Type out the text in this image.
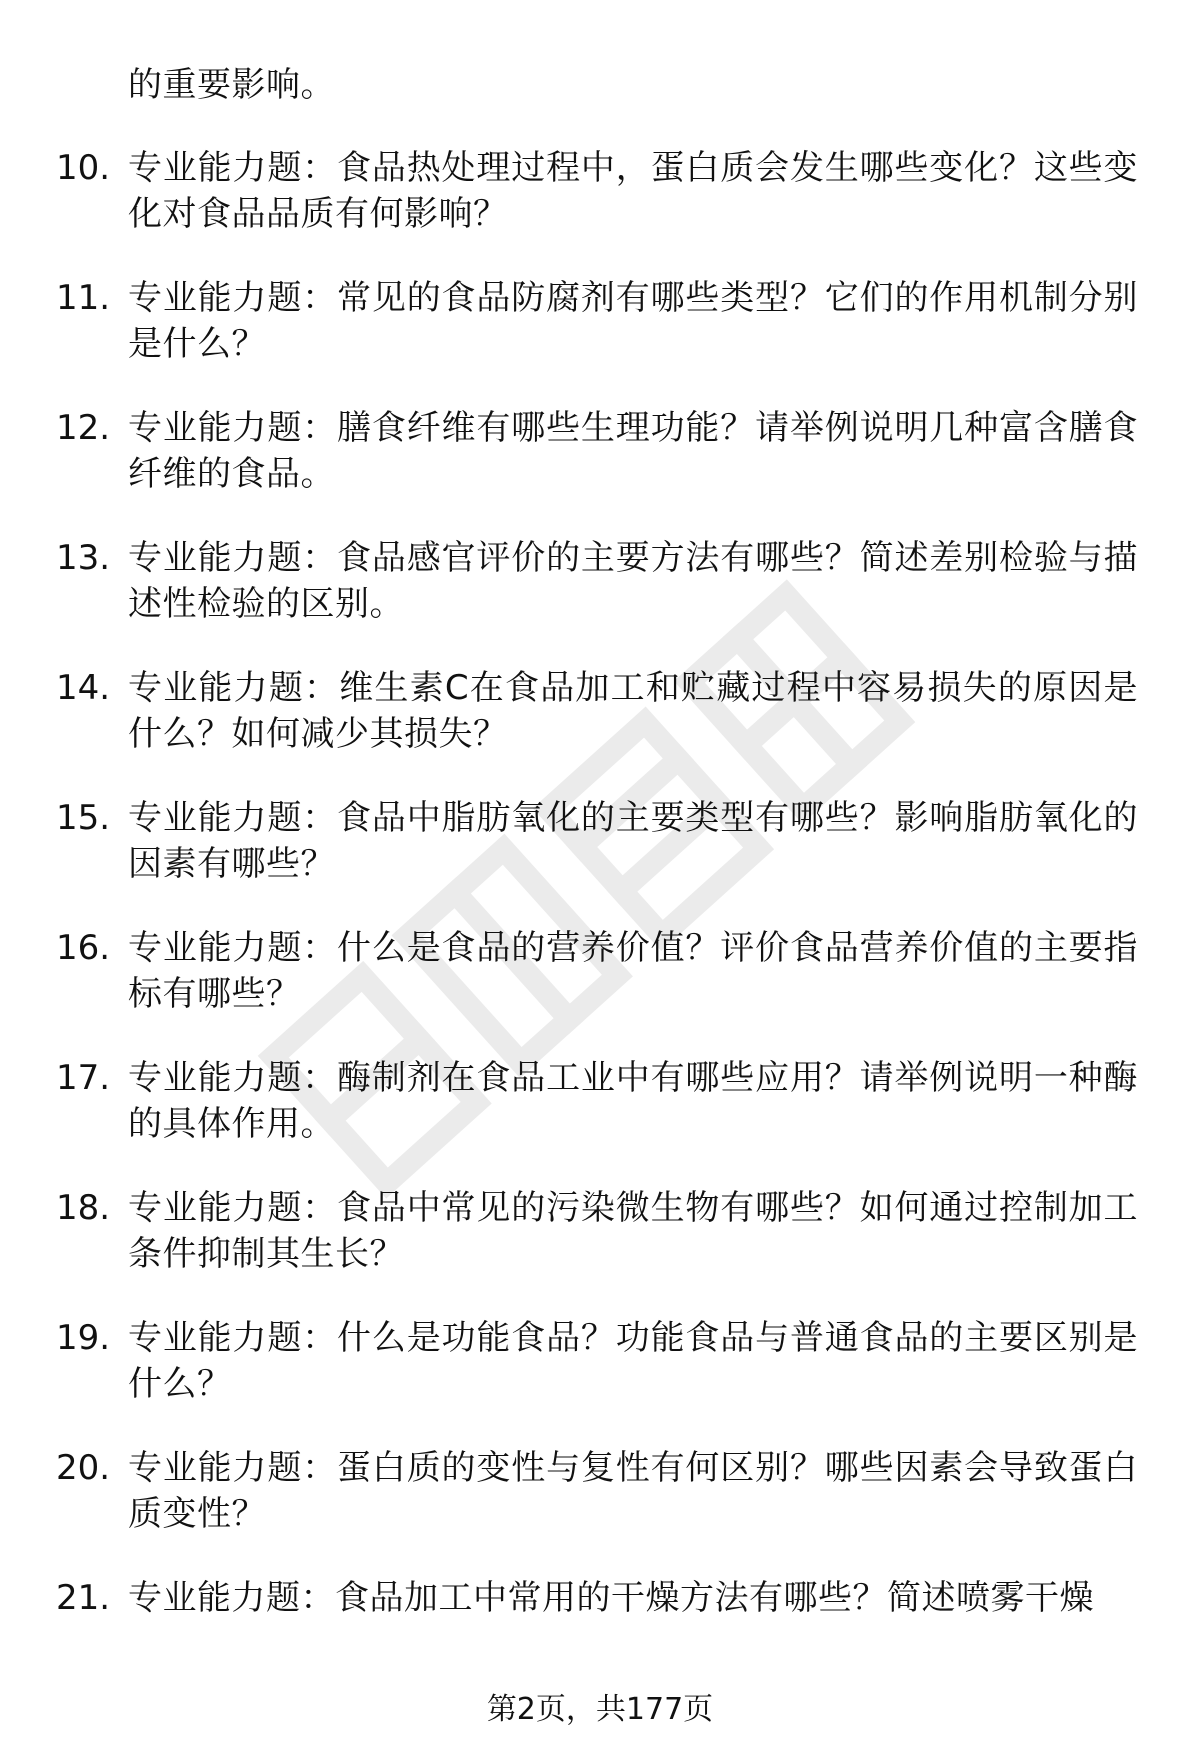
的重要影响。
10. 专业能力题：食品热处理过程中，蛋白质会发生哪些变化？这些变化对食品品质有何影响？
11. 专业能力题：常见的食品防腐剂有哪些类型？它们的作用机制分别是什么？
12. 专业能力题：膳食纤维有哪些生理功能？请举例说明几种富含膳食纤维的食品。
13. 专业能力题：食品感官评价的主要方法有哪些？简述差别检验与描述性检验的区别。
14. 专业能力题：维生素C在食品加工和贮藏过程中容易损失的原因是什么？如何减少其损失？
15. 专业能力题：食品中脂肪氧化的主要类型有哪些？影响脂肪氧化的因素有哪些？
16. 专业能力题：什么是食品的营养价值？评价食品营养价值的主要指标有哪些？
17. 专业能力题：酶制剂在食品工业中有哪些应用？请举例说明一种酶的具体作用。
18. 专业能力题：食品中常见的污染微生物有哪些？如何通过控制加工条件抑制其生长？
19. 专业能力题：什么是功能食品？功能食品与普通食品的主要区别是什么？
20. 专业能力题：蛋白质的变性与复性有何区别？哪些因素会导致蛋白质变性？
21. 专业能力题：食品加工中常用的干燥方法有哪些？简述喷雾干燥
第2页，共177页
